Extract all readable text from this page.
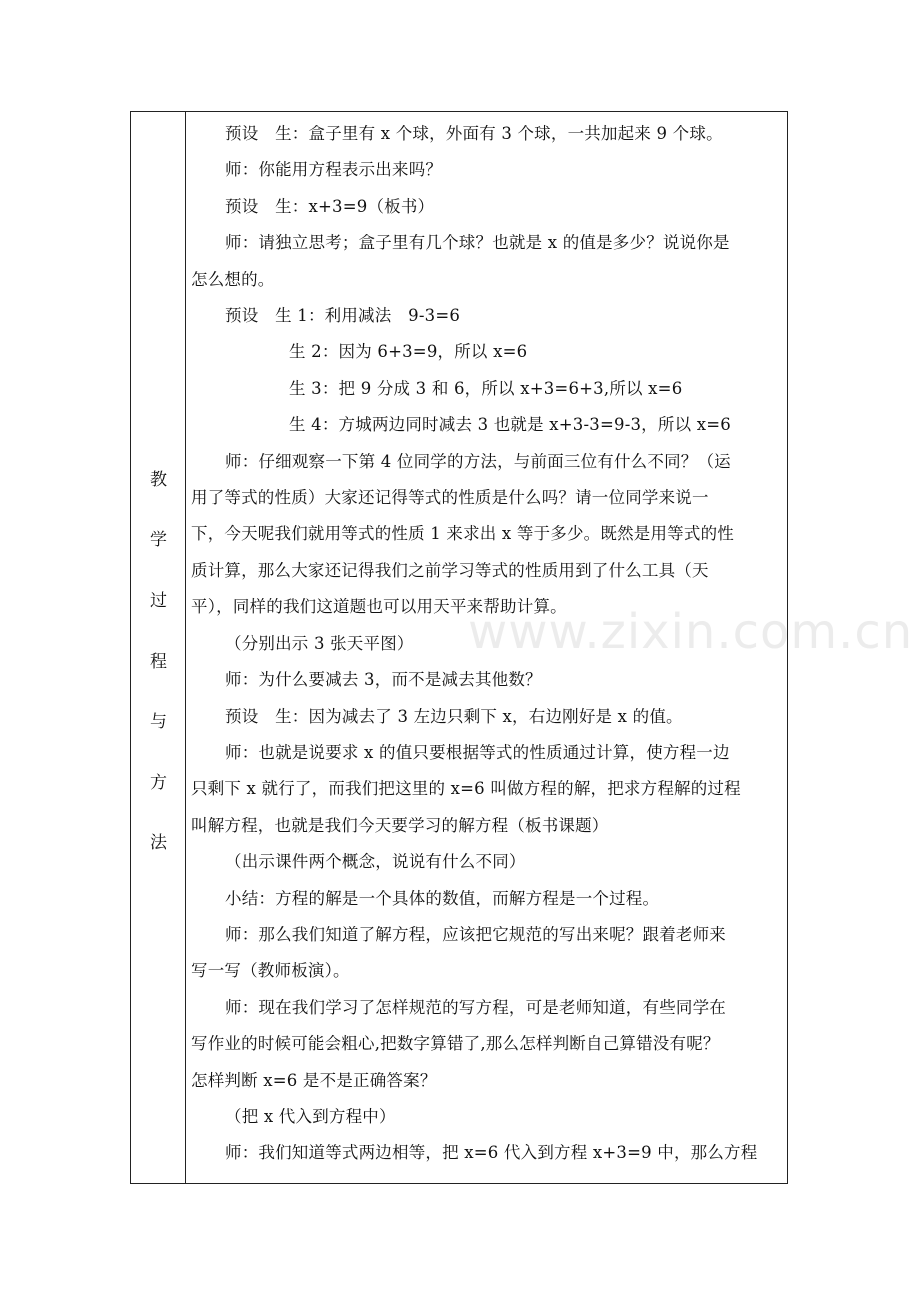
教
学
过
程
与
方
法

预设　生：盒子里有 x 个球，外面有 3 个球，一共加起来 9 个球。

师：你能用方程表示出来吗？

预设　生：x+3=9（板书）

师：请独立思考；盒子里有几个球？也就是 x 的值是多少？说说你是

怎么想的。

预设　生 1：利用减法　9-3=6

生 2：因为 6+3=9，所以 x=6

生 3：把 9 分成 3 和 6，所以 x+3=6+3,所以 x=6

生 4：方城两边同时减去 3 也就是 x+3-3=9-3，所以 x=6

师：仔细观察一下第 4 位同学的方法，与前面三位有什么不同？（运

用了等式的性质）大家还记得等式的性质是什么吗？请一位同学来说一

下，今天呢我们就用等式的性质 1 来求出 x 等于多少。既然是用等式的性

质计算，那么大家还记得我们之前学习等式的性质用到了什么工具（天

平），同样的我们这道题也可以用天平来帮助计算。

（分别出示 3 张天平图）

师：为什么要减去 3，而不是减去其他数？

预设　生：因为减去了 3 左边只剩下 x，右边刚好是 x 的值。

师：也就是说要求 x 的值只要根据等式的性质通过计算，使方程一边

只剩下 x 就行了，而我们把这里的 x=6 叫做方程的解，把求方程解的过程

叫解方程，也就是我们今天要学习的解方程（板书课题）

（出示课件两个概念，说说有什么不同）

小结：方程的解是一个具体的数值，而解方程是一个过程。

师：那么我们知道了解方程，应该把它规范的写出来呢？跟着老师来

写一写（教师板演）。

师：现在我们学习了怎样规范的写方程，可是老师知道，有些同学在

写作业的时候可能会粗心,把数字算错了,那么怎样判断自己算错没有呢？

怎样判断 x=6 是不是正确答案？

（把 x 代入到方程中）

师：我们知道等式两边相等，把 x=6 代入到方程 x+3=9 中，那么方程

www.zixin.com.cn
